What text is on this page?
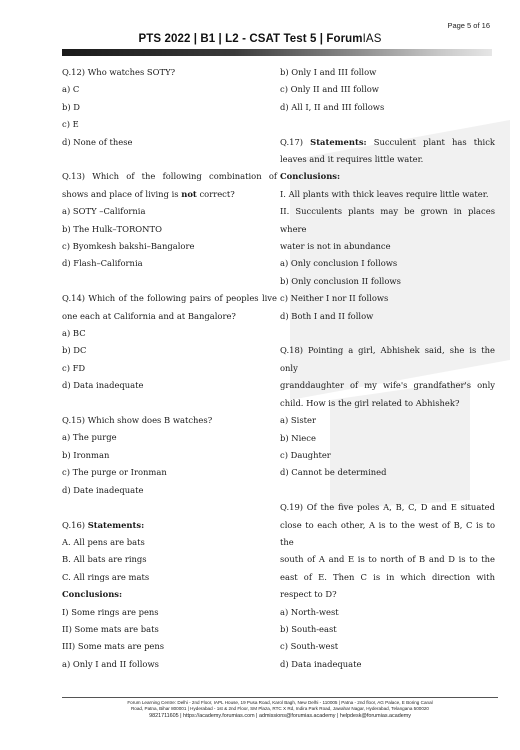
Page 5 of 16
PTS 2022 | B1 | L2 - CSAT Test 5 | ForumIAS
Q.12) Who watches SOTY?
a) C
b) D
c) E
d) None of these
Q.13) Which of the following combination of
shows and place of living is not correct?
a) SOTY –California
b) The Hulk–TORONTO
c) Byomkesh bakshi–Bangalore
d) Flash–California
Q.14) Which of the following pairs of peoples live
one each at California and at Bangalore?
a) BC
b) DC
c) FD
d) Data inadequate
Q.15) Which show does B watches?
a) The purge
b) Ironman
c) The purge or Ironman
d) Date inadequate
Q.16) Statements:
A. All pens are bats
B. All bats are rings
C. All rings are mats
Conclusions:
I) Some rings are pens
II) Some mats are bats
III) Some mats are pens
a) Only I and II follows
b) Only I and III follow
c) Only II and III follow
d) All I, II and III follows
Q.17) Statements: Succulent plant has thick
leaves and it requires little water.
Conclusions:
I. All plants with thick leaves require little water.
II. Succulents plants may be grown in places where
water is not in abundance
a) Only conclusion I follows
b) Only conclusion II follows
c) Neither I nor II follows
d) Both I and II follow
Q.18) Pointing a girl, Abhishek said, she is the only
granddaughter of my wife's grandfather's only
child. How is the girl related to Abhishek?
a) Sister
b) Niece
c) Daughter
d) Cannot be determined
Q.19) Of the five poles A, B, C, D and E situated
close to each other, A is to the west of B, C is to the
south of A and E is to north of B and D is to the
east of E. Then C is in which direction with
respect to D?
a) North-west
b) South-east
c) South-west
d) Data inadequate
Forum Learning Centre: Delhi - 2nd Floor, IAPL House, 19 Pusa Road, Karol Bagh, New Delhi - 110005 | Patna - 2nd floor, AG Palace, E Boring Canal
Road, Patna, Bihar 800001 | Hyderabad - 1st & 2nd Floor, SM Plaza, RTC X Rd, Indira Park Road, Jawahar Nagar, Hyderabad, Telangana 500020
9821711605 | https://academy.forumias.com | admissions@forumias.academy | helpdesk@forumias.academy
